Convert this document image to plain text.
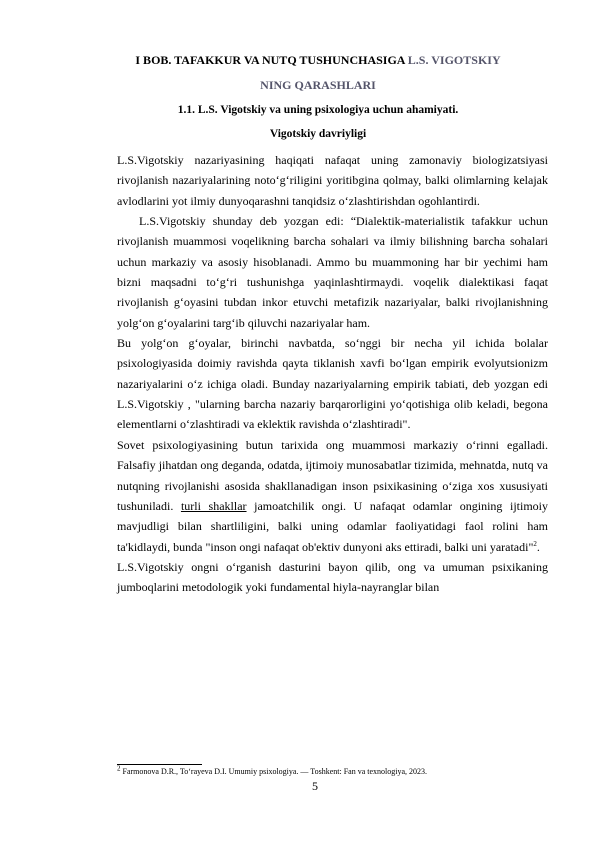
I BOB. TAFAKKUR VA NUTQ TUSHUNCHASIGA L.S. VIGOTSKIY
NING QARASHLARI
1.1. L.S. Vigotskiy va uning psixologiya uchun ahamiyati.
Vigotskiy davriyligi

L.S.Vigotskiy nazariyasining haqiqati nafaqat uning zamonaviy biologizatsiyasi rivojlanish nazariyalarining noto‘g‘riligini yoritibgina qolmay, balki olimlarning kelajak avlodlarini yot ilmiy dunyoqarashni tanqidsiz o‘zlashtirishdan ogohlantirdi.

L.S.Vigotskiy shunday deb yozgan edi: “Dialektik-materialistik tafakkur uchun rivojlanish muammosi voqelikning barcha sohalari va ilmiy bilishning barcha sohalari uchun markaziy va asosiy hisoblanadi. Ammo bu muammoning har bir yechimi ham bizni maqsadni to‘g‘ri tushunishga yaqinlashtirmaydi. voqelik dialektikasi faqat rivojlanish g‘oyasini tubdan inkor etuvchi metafizik nazariyalar, balki rivojlanishning yolg‘on g‘oyalarini targ‘ib qiluvchi nazariyalar ham.

Bu yolg‘on g‘oyalar, birinchi navbatda, so‘nggi bir necha yil ichida bolalar psixologiyasida doimiy ravishda qayta tiklanish xavfi bo‘lgan empirik evolyutsionizm nazariyalarini o‘z ichiga oladi. Bunday nazariyalarning empirik tabiati, deb yozgan edi L.S.Vigotskiy , "ularning barcha nazariy barqarorligini yo‘qotishiga olib keladi, begona elementlarni o‘zlashtiradi va eklektik ravishda o‘zlashtiradi".

Sovet psixologiyasining butun tarixida ong muammosi markaziy o‘rinni egalladi. Falsafiy jihatdan ong deganda, odatda, ijtimoiy munosabatlar tizimida, mehnatda, nutq va nutqning rivojlanishi asosida shakllanadigan inson psixikasining o‘ziga xos xususiyati tushuniladi. turli shakllar jamoatchilik ongi. U nafaqat odamlar ongining ijtimoiy mavjudligi bilan shartliligini, balki uning odamlar faoliyatidagi faol rolini ham ta'kidlaydi, bunda "inson ongi nafaqat ob'ektiv dunyoni aks ettiradi, balki uni yaratadi"$^2$.

L.S.Vigotskiy ongni o‘rganish dasturini bayon qilib, ong va umuman psixikaning jumboqlarini metodologik yoki fundamental hiyla-nayranglar bilan

$^2$ Farmonova D.R., To‘rayeva D.I. Umumiy psixologiya. — Toshkent: Fan va texnologiya, 2023.
5
